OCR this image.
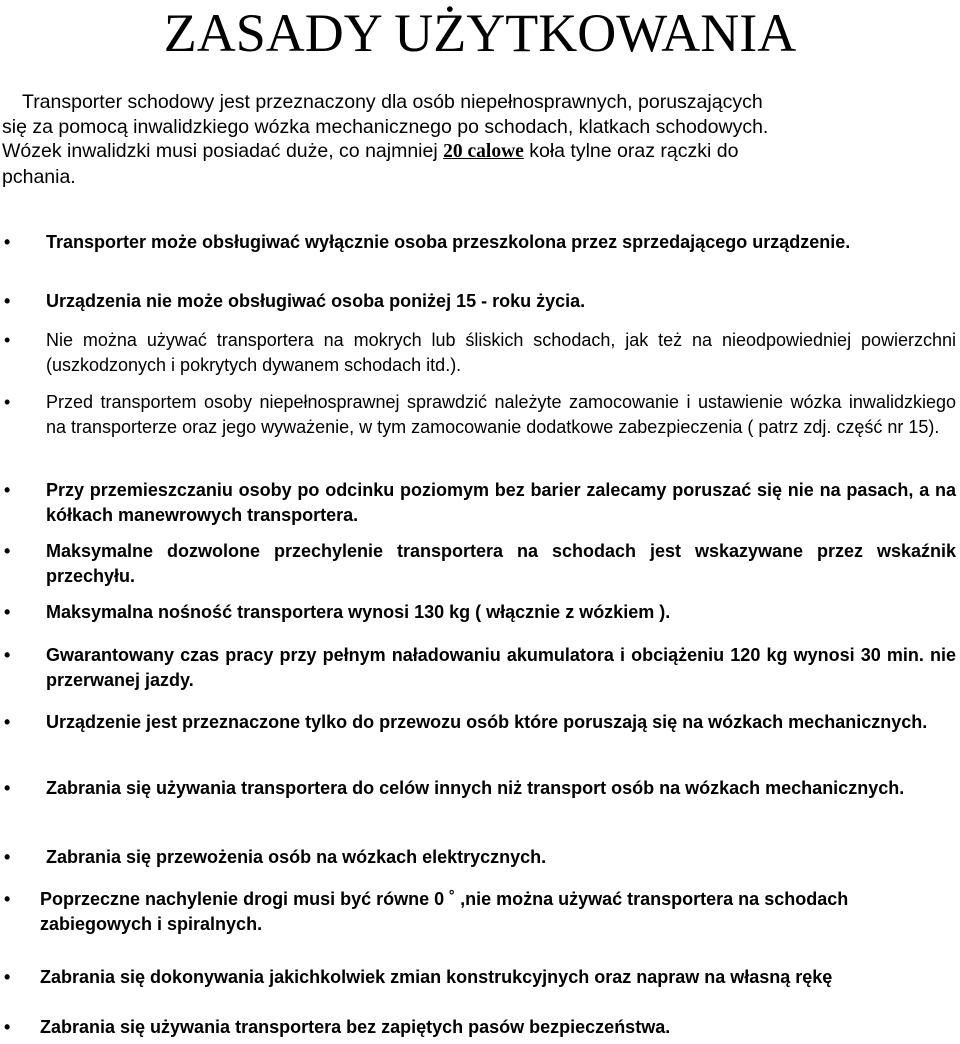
ZASADY UŻYTKOWANIA
Transporter schodowy jest przeznaczony dla osób niepełnosprawnych, poruszających
się za pomocą inwalidzkiego wózka mechanicznego po schodach, klatkach schodowych.
Wózek inwalidzki musi posiadać duże, co najmniej 20 calowe koła tylne oraz rączki do
pchania.
• Transporter może obsługiwać wyłącznie osoba przeszkolona przez sprzedającego urządzenie.
• Urządzenia nie może obsługiwać osoba poniżej 15 - roku życia.
• Nie można używać transportera na mokrych lub śliskich schodach, jak też na nieodpowiedniej powierzchni (uszkodzonych i pokrytych dywanem schodach itd.).
• Przed transportem osoby niepełnosprawnej sprawdzić należyte zamocowanie i ustawienie wózka inwalidzkiego na transporterze oraz jego wyważenie, w tym zamocowanie dodatkowe zabezpieczenia ( patrz zdj. część nr 15).
• Przy przemieszczaniu osoby po odcinku poziomym bez barier zalecamy poruszać się nie na pasach, a na kółkach manewrowych transportera.
• Maksymalne dozwolone przechylenie transportera na schodach jest wskazywane przez wskaźnik przechyłu.
• Maksymalna nośność transportera wynosi 130 kg ( włącznie z wózkiem ).
• Gwarantowany czas pracy przy pełnym naładowaniu akumulatora i obciążeniu 120 kg wynosi 30 min. nie przerwanej jazdy.
• Urządzenie jest przeznaczone tylko do przewozu osób które poruszają się na wózkach mechanicznych.
• Zabrania się używania transportera do celów innych niż transport osób na wózkach mechanicznych.
• Zabrania się przewożenia osób na wózkach elektrycznych.
• Poprzeczne nachylenie drogi musi być równe 0 ˚ ,nie można używać transportera na schodach zabiegowych i spiralnych.
• Zabrania się dokonywania jakichkolwiek zmian konstrukcyjnych oraz napraw na własną rękę
• Zabrania się używania transportera bez zapiętych pasów bezpieczeństwa.
